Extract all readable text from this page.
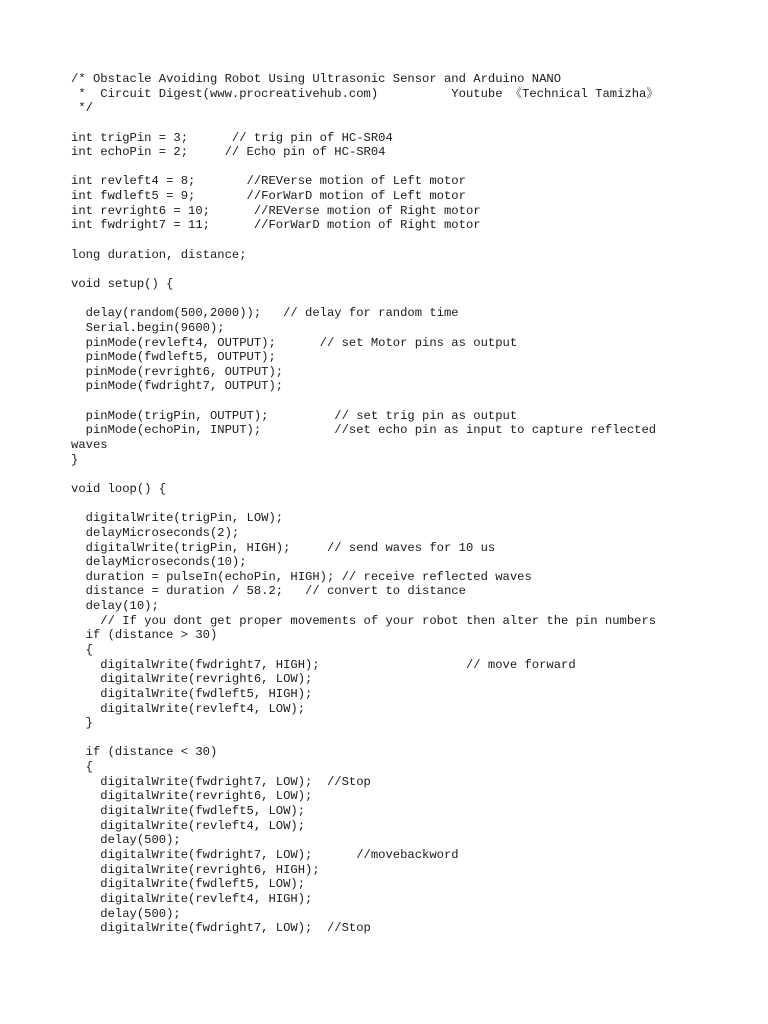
/* Obstacle Avoiding Robot Using Ultrasonic Sensor and Arduino NANO
*  Circuit Digest(www.procreativehub.com)          Youtube 《Technical Tamizha》
*/
int trigPin = 3;      // trig pin of HC-SR04
int echoPin = 2;     // Echo pin of HC-SR04
int revleft4 = 8;       //REVerse motion of Left motor
int fwdleft5 = 9;       //ForWarD motion of Left motor
int revright6 = 10;      //REVerse motion of Right motor
int fwdright7 = 11;      //ForWarD motion of Right motor
long duration, distance;
void setup() {
delay(random(500,2000));   // delay for random time
Serial.begin(9600);
pinMode(revleft4, OUTPUT);      // set Motor pins as output
pinMode(fwdleft5, OUTPUT);
pinMode(revright6, OUTPUT);
pinMode(fwdright7, OUTPUT);
pinMode(trigPin, OUTPUT);         // set trig pin as output
pinMode(echoPin, INPUT);          //set echo pin as input to capture reflected
waves
}
void loop() {
digitalWrite(trigPin, LOW);
delayMicroseconds(2);
digitalWrite(trigPin, HIGH);     // send waves for 10 us
delayMicroseconds(10);
duration = pulseIn(echoPin, HIGH); // receive reflected waves
distance = duration / 58.2;   // convert to distance
delay(10);
// If you dont get proper movements of your robot then alter the pin numbers
if (distance > 30)
{
digitalWrite(fwdright7, HIGH);                    // move forward
digitalWrite(revright6, LOW);
digitalWrite(fwdleft5, HIGH);
digitalWrite(revleft4, LOW);
}
if (distance < 30)
{
digitalWrite(fwdright7, LOW);  //Stop
digitalWrite(revright6, LOW);
digitalWrite(fwdleft5, LOW);
digitalWrite(revleft4, LOW);
delay(500);
digitalWrite(fwdright7, LOW);      //movebackword
digitalWrite(revright6, HIGH);
digitalWrite(fwdleft5, LOW);
digitalWrite(revleft4, HIGH);
delay(500);
digitalWrite(fwdright7, LOW);  //Stop
